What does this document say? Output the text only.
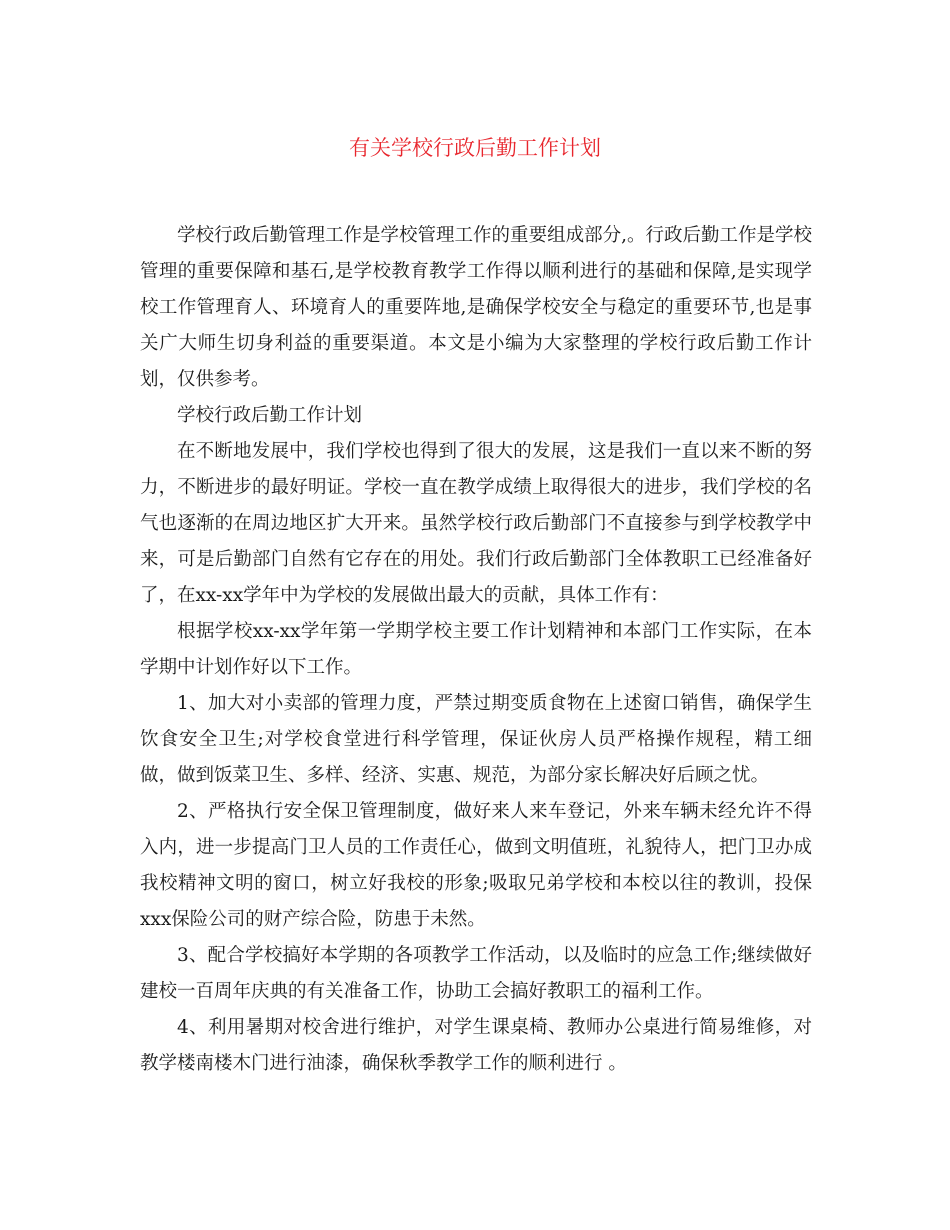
有关学校行政后勤工作计划

学校行政后勤管理工作是学校管理工作的重要组成部分,。行政后勤工作是学校管理的重要保障和基石,是学校教育教学工作得以顺利进行的基础和保障,是实现学校工作管理育人、环境育人的重要阵地,是确保学校安全与稳定的重要环节,也是事关广大师生切身利益的重要渠道。本文是小编为大家整理的学校行政后勤工作计划，仅供参考。

学校行政后勤工作计划

在不断地发展中，我们学校也得到了很大的发展，这是我们一直以来不断的努力，不断进步的最好明证。学校一直在教学成绩上取得很大的进步，我们学校的名气也逐渐的在周边地区扩大开来。虽然学校行政后勤部门不直接参与到学校教学中来，可是后勤部门自然有它存在的用处。我们行政后勤部门全体教职工已经准备好了，在xx-xx学年中为学校的发展做出最大的贡献，具体工作有：

根据学校xx-xx学年第一学期学校主要工作计划精神和本部门工作实际，在本学期中计划作好以下工作。

1、加大对小卖部的管理力度，严禁过期变质食物在上述窗口销售，确保学生饮食安全卫生;对学校食堂进行科学管理，保证伙房人员严格操作规程，精工细做，做到饭菜卫生、多样、经济、实惠、规范，为部分家长解决好后顾之忧。

2、严格执行安全保卫管理制度，做好来人来车登记，外来车辆未经允许不得入内，进一步提高门卫人员的工作责任心，做到文明值班，礼貌待人，把门卫办成我校精神文明的窗口，树立好我校的形象;吸取兄弟学校和本校以往的教训，投保xxx保险公司的财产综合险，防患于未然。

3、配合学校搞好本学期的各项教学工作活动，以及临时的应急工作;继续做好建校一百周年庆典的有关准备工作，协助工会搞好教职工的福利工作。

4、利用暑期对校舍进行维护，对学生课桌椅、教师办公桌进行简易维修，对教学楼南楼木门进行油漆，确保秋季教学工作的顺利进行 。
